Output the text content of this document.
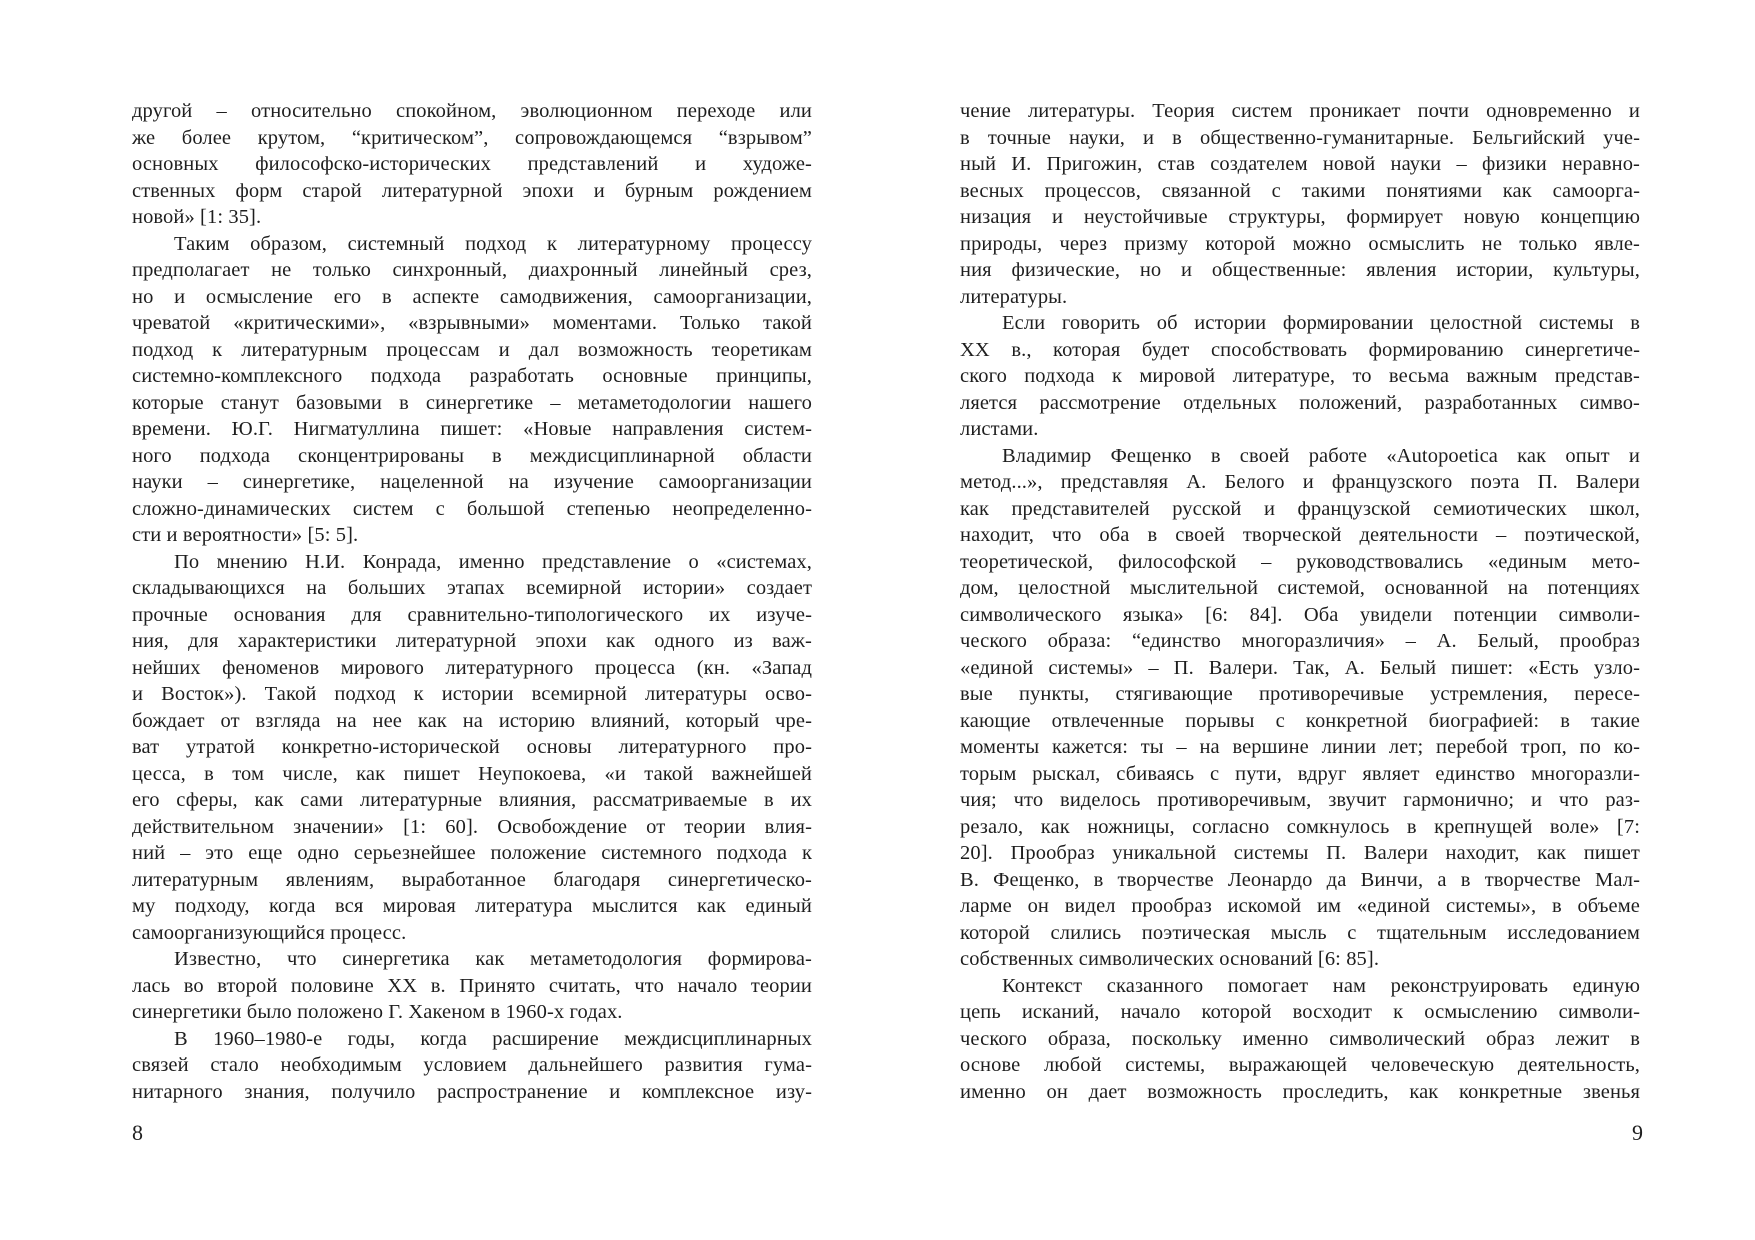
другой – относительно спокойном, эволюционном переходе или
же более крутом, “критическом”, сопровождающемся “взрывом”
основных философско-исторических представлений и художе-
ственных форм старой литературной эпохи и бурным рождением
новой» [1: 35].
Таким образом, системный подход к литературному процессу
предполагает не только синхронный, диахронный линейный срез,
но и осмысление его в аспекте самодвижения, самоорганизации,
чреватой «критическими», «взрывными» моментами. Только такой
подход к литературным процессам и дал возможность теоретикам
системно-комплексного подхода разработать основные принципы,
которые станут базовыми в синергетике – метаметодологии нашего
времени. Ю.Г. Нигматуллина пишет: «Новые направления систем-
ного подхода сконцентрированы в междисциплинарной области
науки – синергетике, нацеленной на изучение самоорганизации
сложно-динамических систем с большой степенью неопределенно-
сти и вероятности» [5: 5].
По мнению Н.И. Конрада, именно представление о «системах,
складывающихся на больших этапах всемирной истории» создает
прочные основания для сравнительно-типологического их изуче-
ния, для характеристики литературной эпохи как одного из важ-
нейших феноменов мирового литературного процесса (кн. «Запад
и Восток»). Такой подход к истории всемирной литературы осво-
бождает от взгляда на нее как на историю влияний, который чре-
ват утратой конкретно-исторической основы литературного про-
цесса, в том числе, как пишет Неупокоева, «и такой важнейшей
его сферы, как сами литературные влияния, рассматриваемые в их
действительном значении» [1: 60]. Освобождение от теории влия-
ний – это еще одно серьезнейшее положение системного подхода к
литературным явлениям, выработанное благодаря синергетическо-
му подходу, когда вся мировая литература мыслится как единый
самоорганизующийся процесс.
Известно, что синергетика как метаметодология формирова-
лась во второй половине XX в. Принято считать, что начало теории
синергетики было положено Г. Хакеном в 1960-х годах.
В 1960–1980-е годы, когда расширение междисциплинарных
связей стало необходимым условием дальнейшего развития гума-
нитарного знания, получило распространение и комплексное изу-
чение литературы. Теория систем проникает почти одновременно и
в точные науки, и в общественно-гуманитарные. Бельгийский уче-
ный И. Пригожин, став создателем новой науки – физики неравно-
весных процессов, связанной с такими понятиями как самоорга-
низация и неустойчивые структуры, формирует новую концепцию
природы, через призму которой можно осмыслить не только явле-
ния физические, но и общественные: явления истории, культуры,
литературы.
Если говорить об истории формировании целостной системы в
XX в., которая будет способствовать формированию синергетиче-
ского подхода к мировой литературе, то весьма важным представ-
ляется рассмотрение отдельных положений, разработанных симво-
листами.
Владимир Фещенко в своей работе «Autopoetica как опыт и
метод...», представляя А. Белого и французского поэта П. Валери
как представителей русской и французской семиотических школ,
находит, что оба в своей творческой деятельности – поэтической,
теоретической, философской – руководствовались «единым мето-
дом, целостной мыслительной системой, основанной на потенциях
символического языка» [6: 84]. Оба увидели потенции символи-
ческого образа: “единство многоразличия» – А. Белый, прообраз
«единой системы» – П. Валери. Так, А. Белый пишет: «Есть узло-
вые пункты, стягивающие противоречивые устремления, пересе-
кающие отвлеченные порывы с конкретной биографией: в такие
моменты кажется: ты – на вершине линии лет; перебой троп, по ко-
торым рыскал, сбиваясь с пути, вдруг являет единство многоразли-
чия; что виделось противоречивым, звучит гармонично; и что раз-
резало, как ножницы, согласно сомкнулось в крепнущей воле» [7:
20]. Прообраз уникальной системы П. Валери находит, как пишет
В. Фещенко, в творчестве Леонардо да Винчи, а в творчестве Мал-
ларме он видел прообраз искомой им «единой системы», в объеме
которой слились поэтическая мысль с тщательным исследованием
собственных символических оснований [6: 85].
Контекст сказанного помогает нам реконструировать единую
цепь исканий, начало которой восходит к осмыслению символи-
ческого образа, поскольку именно символический образ лежит в
основе любой системы, выражающей человеческую деятельность,
именно он дает возможность проследить, как конкретные звенья
8	9
